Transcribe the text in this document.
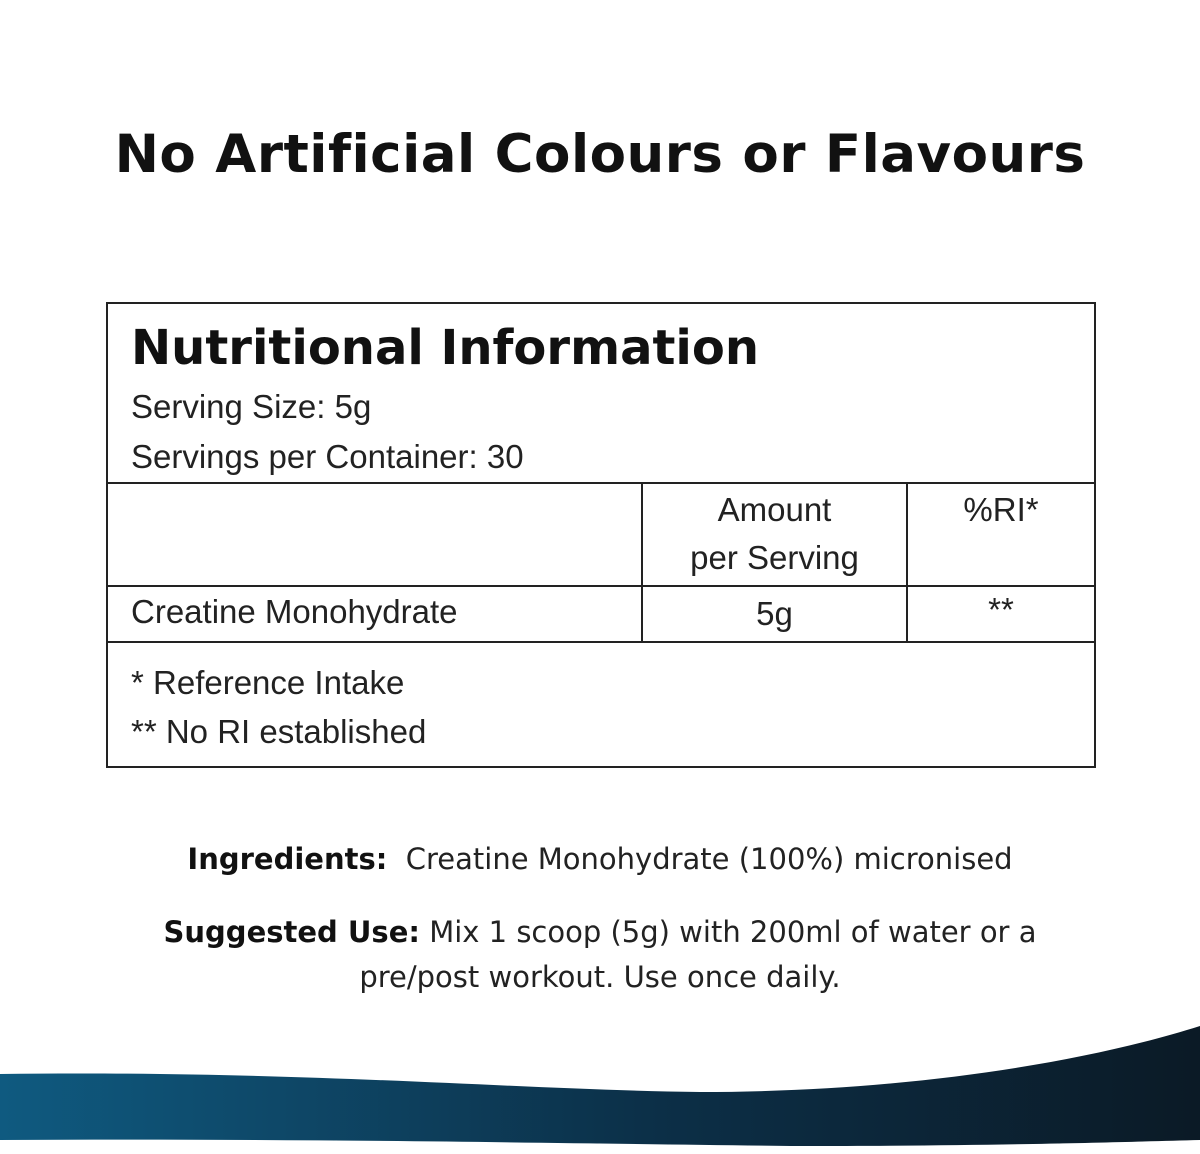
No Artificial Colours or Flavours
Nutritional Information
Serving Size: 5g
Servings per Container: 30
Amount
per Serving
%RI*
Creatine Monohydrate	5g	**
* Reference Intake
** No RI established
Ingredients: Creatine Monohydrate (100%) micronised
Suggested Use: Mix 1 scoop (5g) with 200ml of water or a
pre/post workout. Use once daily.
